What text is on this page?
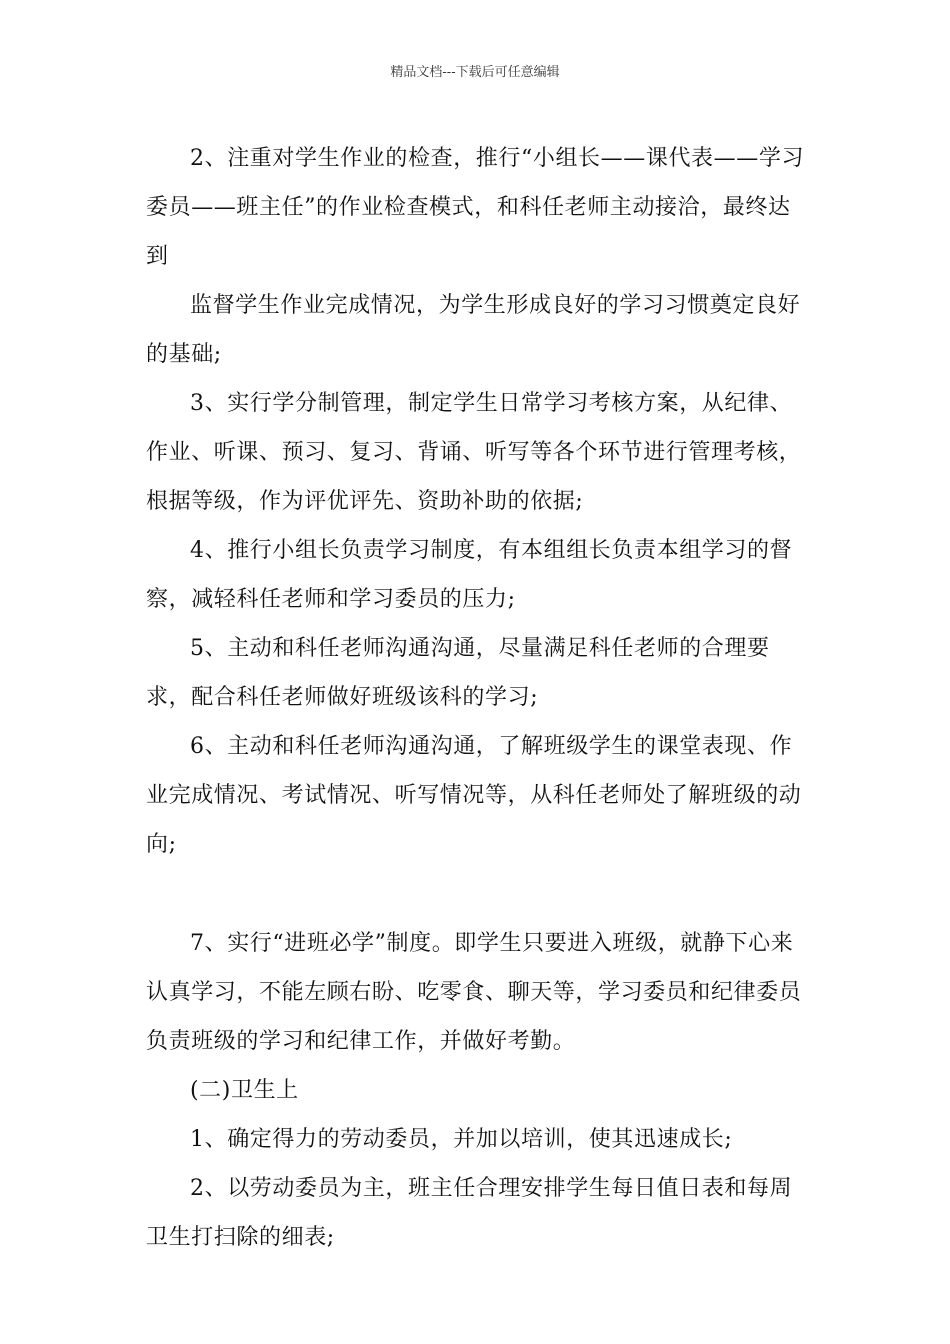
精品文档---下载后可任意编辑

2、注重对学生作业的检查，推行“小组长——课代表——学习委员——班主任”的作业检查模式，和科任老师主动接洽，最终达到

监督学生作业完成情况，为学生形成良好的学习习惯奠定良好的基础;

3、实行学分制管理，制定学生日常学习考核方案，从纪律、作业、听课、预习、复习、背诵、听写等各个环节进行管理考核，根据等级，作为评优评先、资助补助的依据;

4、推行小组长负责学习制度，有本组组长负责本组学习的督察，减轻科任老师和学习委员的压力;

5、主动和科任老师沟通沟通，尽量满足科任老师的合理要求，配合科任老师做好班级该科的学习;

6、主动和科任老师沟通沟通，了解班级学生的课堂表现、作业完成情况、考试情况、听写情况等，从科任老师处了解班级的动向;

7、实行“进班必学”制度。即学生只要进入班级，就静下心来认真学习，不能左顾右盼、吃零食、聊天等，学习委员和纪律委员负责班级的学习和纪律工作，并做好考勤。

(二)卫生上

1、确定得力的劳动委员，并加以培训，使其迅速成长;

2、以劳动委员为主，班主任合理安排学生每日值日表和每周卫生打扫除的细表;
